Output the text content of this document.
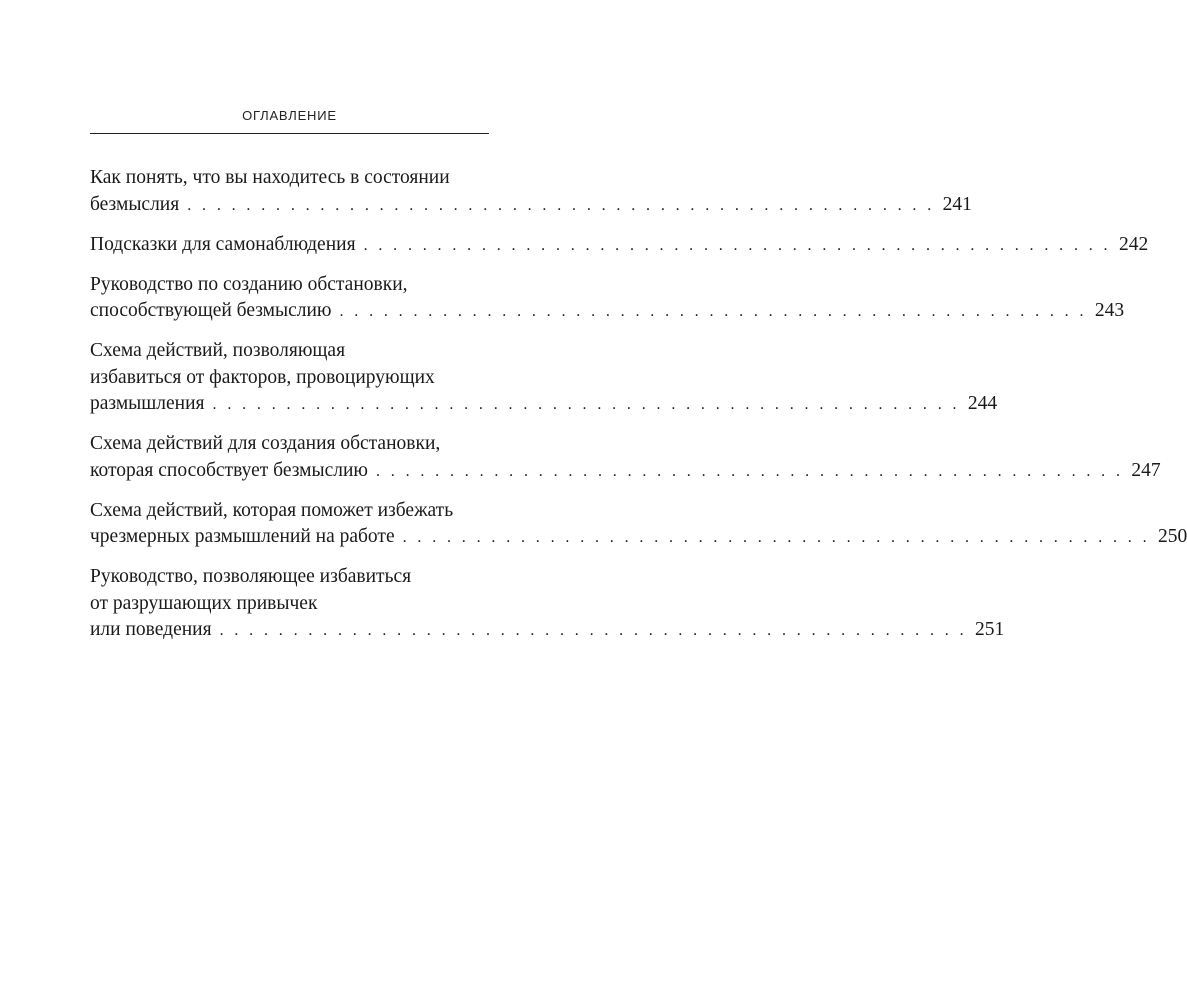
ОГЛАВЛЕНИЕ
Как понять, что вы находитесь в состоянии
безмыслия . . . . . . . . . . . . . . . . . . . . . . . . . . . . . . . . . . . . . . . . . . . . . . . . . . . 241
Подсказки для самонаблюдения . . . . . . . . . . . . . . . . . . . . . . . . . . . . . . . . . . . . . . . . . . . . . . . . . . . 242
Руководство по созданию обстановки,
способствующей безмыслию . . . . . . . . . . . . . . . . . . . . . . . . . . . . . . . . . . . . . . . . . . . . . . . . . . . 243
Схема действий, позволяющая
избавиться от факторов, провоцирующих
размышления . . . . . . . . . . . . . . . . . . . . . . . . . . . . . . . . . . . . . . . . . . . . . . . . . . . 244
Схема действий для создания обстановки,
которая способствует безмыслию . . . . . . . . . . . . . . . . . . . . . . . . . . . . . . . . . . . . . . . . . . . . . . . . . . . 247
Схема действий, которая поможет избежать
чрезмерных размышлений на работе . . . . . . . . . . . . . . . . . . . . . . . . . . . . . . . . . . . . . . . . . . . . . . . . . . . 250
Руководство, позволяющее избавиться
от разрушающих привычек
или поведения . . . . . . . . . . . . . . . . . . . . . . . . . . . . . . . . . . . . . . . . . . . . . . . . . . . 251
